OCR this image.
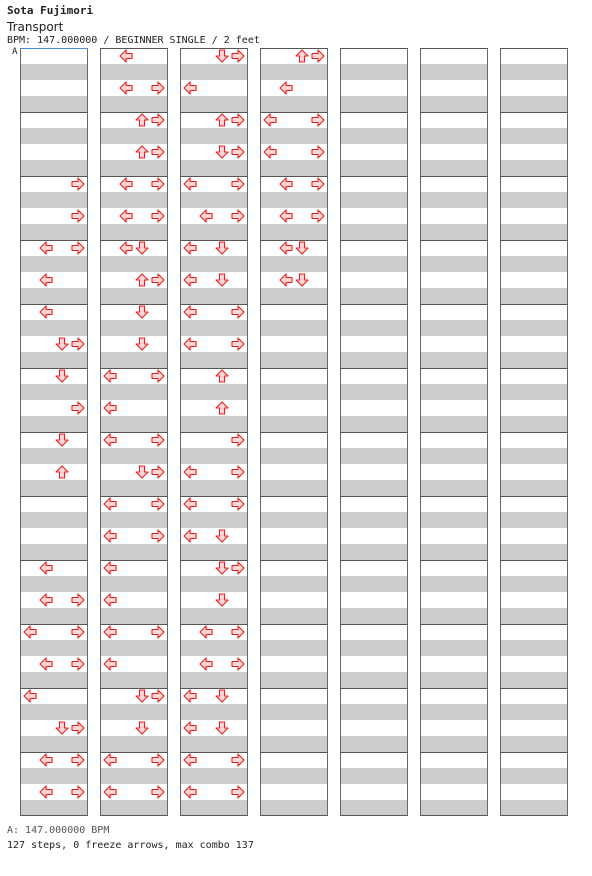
Sota Fujimori
Transport
BPM: 147.000000 / BEGINNER SINGLE / 2 feet
A
A: 147.000000 BPM
127 steps, 0 freeze arrows, max combo 137
